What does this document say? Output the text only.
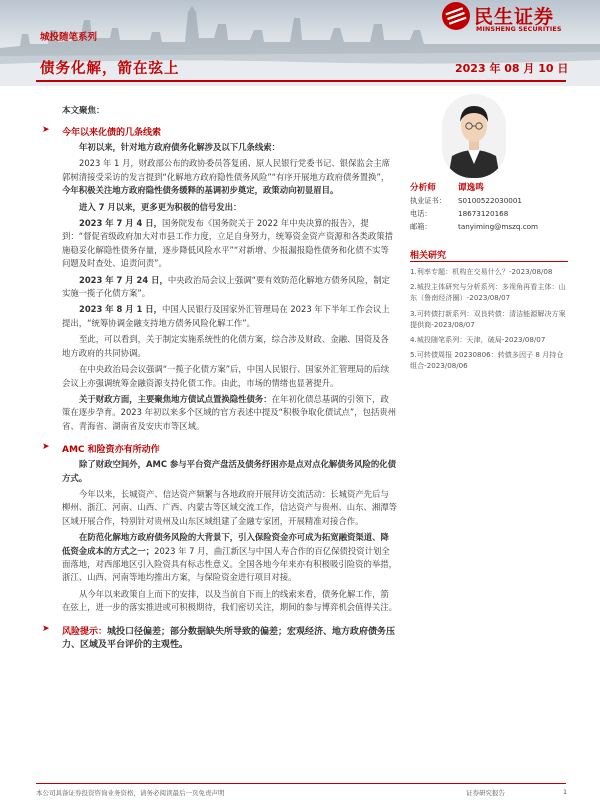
城投随笔系列
债务化解，箭在弦上	2023 年 08 月 10 日
民生证券
MINSHENG SECURITIES
本文聚焦：
➤ 今年以来化债的几条线索
年初以来，针对地方政府债务化解涉及以下几条线索：
2023 年 1 月，财政部公布的政协委员答复函、原人民银行党委书记、银保监会主席郭树清接受采访的发言提到“化解地方政府隐性债务风险”“有序开展地方政府债务置换”，今年积极关注地方政府隐性债务缓释的基调初步奠定，政策动向初显眉目。
进入 7 月以来，更多更为积极的信号发出：
2023 年 7 月 4 日，国务院发布《国务院关于 2022 年中央决算的报告》，提到：“督促省级政府加大对市县工作力度，立足自身努力，统筹资金资产资源和各类政策措施稳妥化解隐性债务存量，逐步降低风险水平”“对新增、少报漏报隐性债务和化债不实等问题及时查处、追责问责”。
2023 年 7 月 24 日，中央政治局会议上强调“要有效防范化解地方债务风险，制定实施一揽子化债方案”。
2023 年 8 月 1 日，中国人民银行及国家外汇管理局在 2023 年下半年工作会议上提出，“统筹协调金融支持地方债务风险化解工作”。
至此，可以看到，关于制定实施系统性的化债方案，综合涉及财政、金融、国资及各地方政府的共同协调。
在中央政治局会议强调“一揽子化债方案”后，中国人民银行、国家外汇管理局的后续会议上亦强调统筹金融资源支持化债工作。由此，市场的情绪也显著提升。
关于财政方面，主要聚焦地方债试点置换隐性债务：在年初化债总基调的引领下，政策在逐步孕育。2023 年初以来多个区域的官方表述中提及“积极争取化债试点”，包括贵州省、青海省、湖南省及安庆市等区域。
➤ AMC 和险资亦有所动作
除了财政空间外，AMC 参与平台资产盘活及债务纾困亦是点对点化解债务风险的化债方式。
今年以来，长城资产、信达资产频繁与各地政府开展拜访交流活动：长城资产先后与柳州、浙江、河南、山西、广西、内蒙古等区域交流工作，信达资产与贵州、山东、湘潭等区域开展合作，特别针对贵州及山东区域组建了金融专家团，开展精准对接合作。
在防范化解地方政府债务风险的大背景下，引入保险资金亦可成为拓宽融资渠道、降低资金成本的方式之一；2023 年 7 月，曲江新区与中国人寿合作的百亿保债投资计划全面落地，对西部地区引入险资具有标志性意义。全国各地今年来亦有积极吸引险资的举措，浙江、山西、河南等地均推出方案，与保险资金进行项目对接。
从今年以来政策自上而下的安排，以及当前自下而上的线索来看，债务化解工作，箭在弦上，进一步的落实推进或可积极期待，我们密切关注，期间的参与博弈机会值得关注。
➤ 风险提示：城投口径偏差；部分数据缺失所导致的偏差；宏观经济、地方政府债务压力、区域及平台评价的主观性。
分析师	谭逸鸣
执业证书： S0100522030001
电话：	18673120168
邮箱：	tanyiming@mszq.com
相关研究
1.利率专题：机构在交易什么？-2023/08/08
2.城投主体研究与分析系列：多视角再看主体：山东（鲁南经济圈）-2023/08/07
3.可转债打新系列：双良转债：清洁能源解决方案提供商-2023/08/07
4.城投随笔系列：天津，破局-2023/08/07
5.可转债周报 20230806：转债多因子 8 月持仓组合-2023/08/06
本公司具备证券投资咨询业务资格，请务必阅读最后一页免责声明	证券研究报告	1
